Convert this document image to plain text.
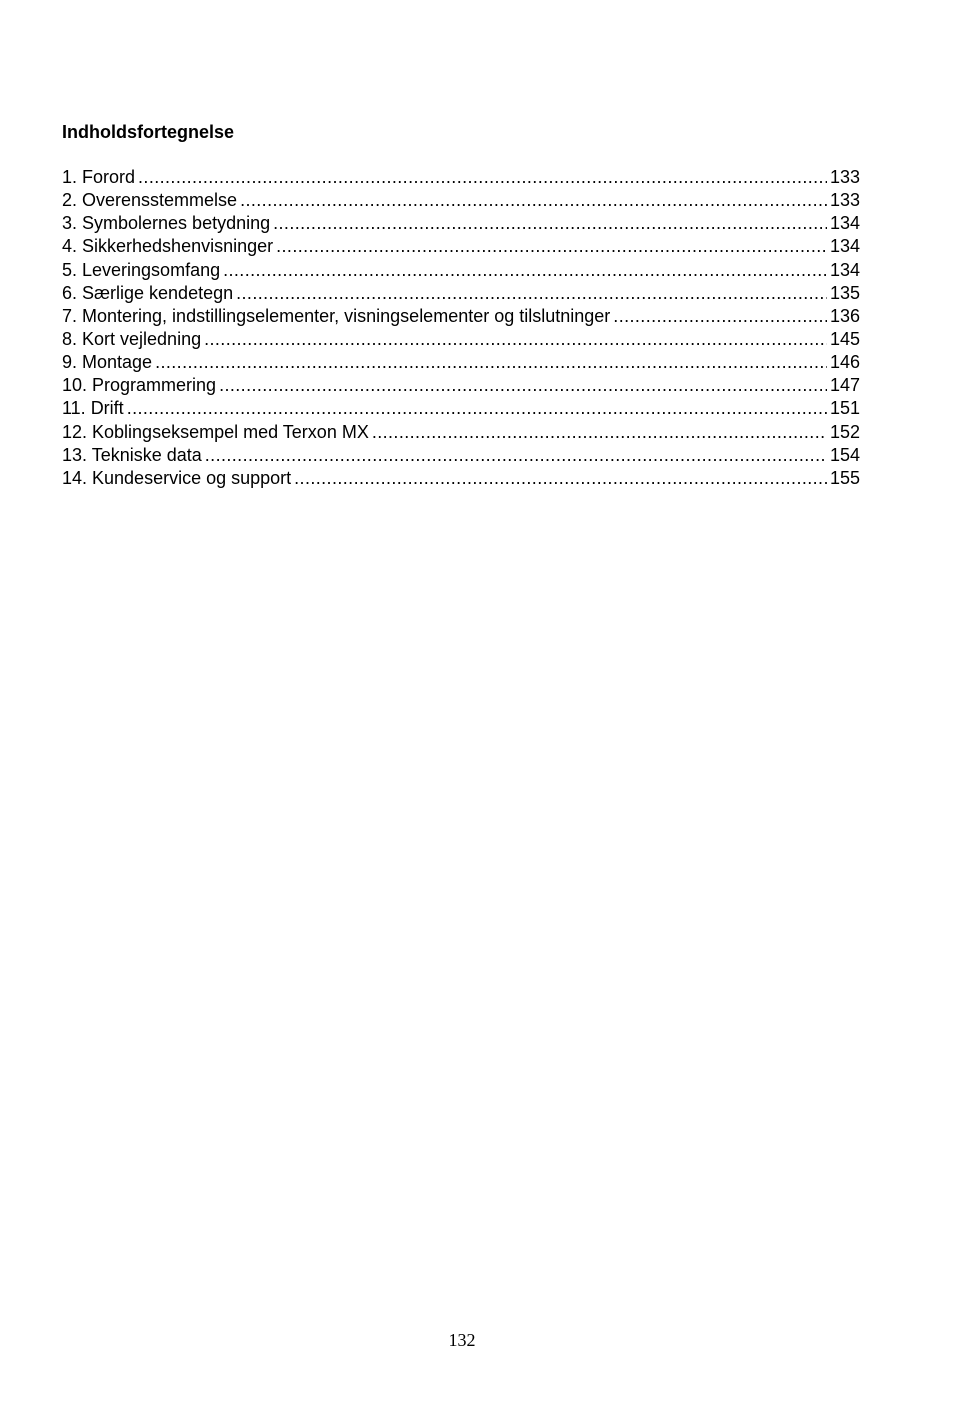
Indholdsfortegnelse
1. Forord .....	133
2. Overensstemmelse .....	133
3. Symbolernes betydning .....	134
4. Sikkerhedshenvisninger .....	134
5. Leveringsomfang .....	134
6. Særlige kendetegn .....	135
7. Montering, indstillingselementer, visningselementer og tilslutninger .....	136
8. Kort vejledning .....	145
9. Montage .....	146
10. Programmering .....	147
11. Drift .....	151
12. Koblingseksempel med Terxon MX .....	152
13. Tekniske data .....	154
14. Kundeservice og support .....	155
132
